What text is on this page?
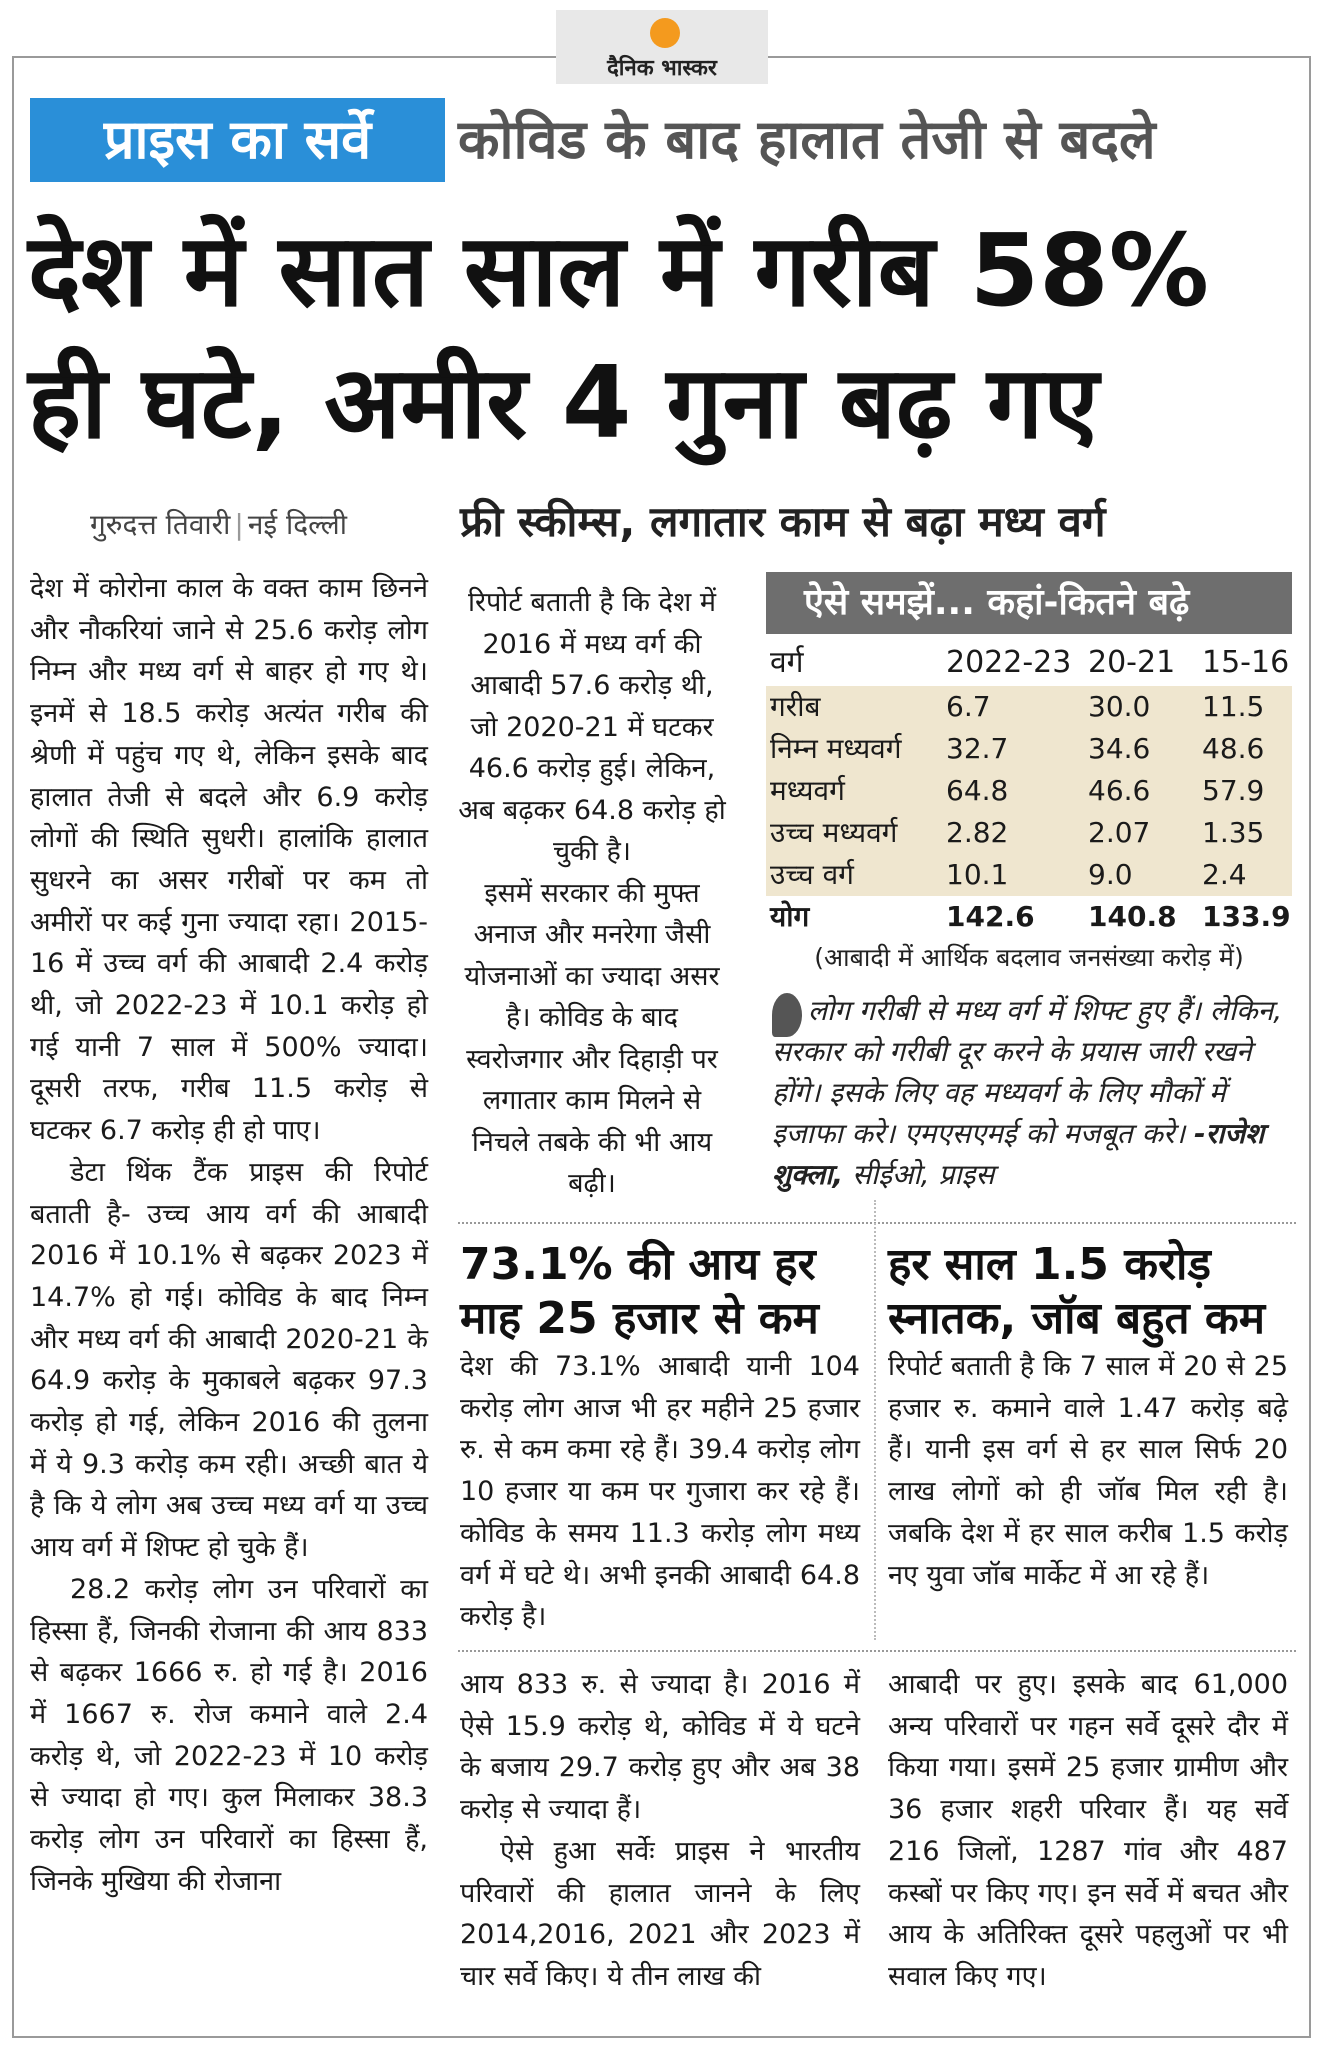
दैनिक भास्कर
प्राइस का सर्वे	कोविड के बाद हालात तेजी से बदले
देश में सात साल में गरीब 58% ही घटे, अमीर 4 गुना बढ़ गए
गुरुदत्त तिवारी | नई दिल्ली	फ्री स्कीम्स, लगातार काम से बढ़ा मध्य वर्ग

देश में कोरोना काल के वक्त काम छिनने और नौकरियां जाने से 25.6 करोड़ लोग निम्न और मध्य वर्ग से बाहर हो गए थे। इनमें से 18.5 करोड़ अत्यंत गरीब की श्रेणी में पहुंच गए थे, लेकिन इसके बाद हालात तेजी से बदले और 6.9 करोड़ लोगों की स्थिति सुधरी। हालांकि हालात सुधरने का असर गरीबों पर कम तो अमीरों पर कई गुना ज्यादा रहा। 2015-16 में उच्च वर्ग की आबादी 2.4 करोड़ थी, जो 2022-23 में 10.1 करोड़ हो गई यानी 7 साल में 500% ज्यादा। दूसरी तरफ, गरीब 11.5 करोड़ से घटकर 6.7 करोड़ ही हो पाए।

डेटा थिंक टैंक प्राइस की रिपोर्ट बताती है- उच्च आय वर्ग की आबादी 2016 में 10.1% से बढ़कर 2023 में 14.7% हो गई। कोविड के बाद निम्न और मध्य वर्ग की आबादी 2020-21 के 64.9 करोड़ के मुकाबले बढ़कर 97.3 करोड़ हो गई, लेकिन 2016 की तुलना में ये 9.3 करोड़ कम रही। अच्छी बात ये है कि ये लोग अब उच्च मध्य वर्ग या उच्च आय वर्ग में शिफ्ट हो चुके हैं।

28.2 करोड़ लोग उन परिवारों का हिस्सा हैं, जिनकी रोजाना की आय 833 से बढ़कर 1666 रु. हो गई है। 2016 में 1667 रु. रोज कमाने वाले 2.4 करोड़ थे, जो 2022-23 में 10 करोड़ से ज्यादा हो गए। कुल मिलाकर 38.3 करोड़ लोग उन परिवारों का हिस्सा हैं, जिनके मुखिया की रोजाना

रिपोर्ट बताती है कि देश में 2016 में मध्य वर्ग की आबादी 57.6 करोड़ थी, जो 2020-21 में घटकर 46.6 करोड़ हुई। लेकिन, अब बढ़कर 64.8 करोड़ हो चुकी है।

इसमें सरकार की मुफ्त अनाज और मनरेगा जैसी योजनाओं का ज्यादा असर है। कोविड के बाद स्वरोजगार और दिहाड़ी पर लगातार काम मिलने से निचले तबके की भी आय बढ़ी।

ऐसे समझें... कहां-कितने बढ़े
वर्ग	2022-23 20-21 15-16
गरीब	6.7	30.0 11.5
निम्न मध्यवर्ग 32.7	34.6 48.6
मध्यवर्ग	64.8	46.6 57.9
उच्च मध्यवर्ग 2.82	2.07 1.35
उच्च वर्ग	10.1	9.0 2.4
योग	142.6 140.8 133.9
(आबादी में आर्थिक बदलाव जनसंख्या करोड़ में)
लोग गरीबी से मध्य वर्ग में शिफ्ट हुए हैं। लेकिन, सरकार को गरीबी दूर करने के प्रयास जारी रखने होंगे। इसके लिए वह मध्यवर्ग के लिए मौकों में इजाफा करे। एमएसएमई को मजबूत करे। -राजेश शुक्ला, सीईओ, प्राइस
73.1% की आय हर माह 25 हजार से कम
हर साल 1.5 करोड़ स्नातक, जॉब बहुत कम
देश की 73.1% आबादी यानी 104 करोड़ लोग आज भी हर महीने 25 हजार रु. से कम कमा रहे हैं। 39.4 करोड़ लोग 10 हजार या कम पर गुजारा कर रहे हैं। कोविड के समय 11.3 करोड़ लोग मध्य वर्ग में घटे थे। अभी इनकी आबादी 64.8 करोड़ है।
रिपोर्ट बताती है कि 7 साल में 20 से 25 हजार रु. कमाने वाले 1.47 करोड़ बढ़े हैं। यानी इस वर्ग से हर साल सिर्फ 20 लाख लोगों को ही जॉब मिल रही है। जबकि देश में हर साल करीब 1.5 करोड़ नए युवा जॉब मार्केट में आ रहे हैं।

आय 833 रु. से ज्यादा है। 2016 में ऐसे 15.9 करोड़ थे, कोविड में ये घटने के बजाय 29.7 करोड़ हुए और अब 38 करोड़ से ज्यादा हैं।

ऐसे हुआ सर्वेः प्राइस ने भारतीय परिवारों की हालात जानने के लिए 2014,2016, 2021 और 2023 में चार सर्वे किए। ये तीन लाख की

आबादी पर हुए। इसके बाद 61,000 अन्य परिवारों पर गहन सर्वे दूसरे दौर में किया गया। इसमें 25 हजार ग्रामीण और 36 हजार शहरी परिवार हैं। यह सर्वे 216 जिलों, 1287 गांव और 487 कस्बों पर किए गए। इन सर्वे में बचत और आय के अतिरिक्त दूसरे पहलुओं पर भी सवाल किए गए।
